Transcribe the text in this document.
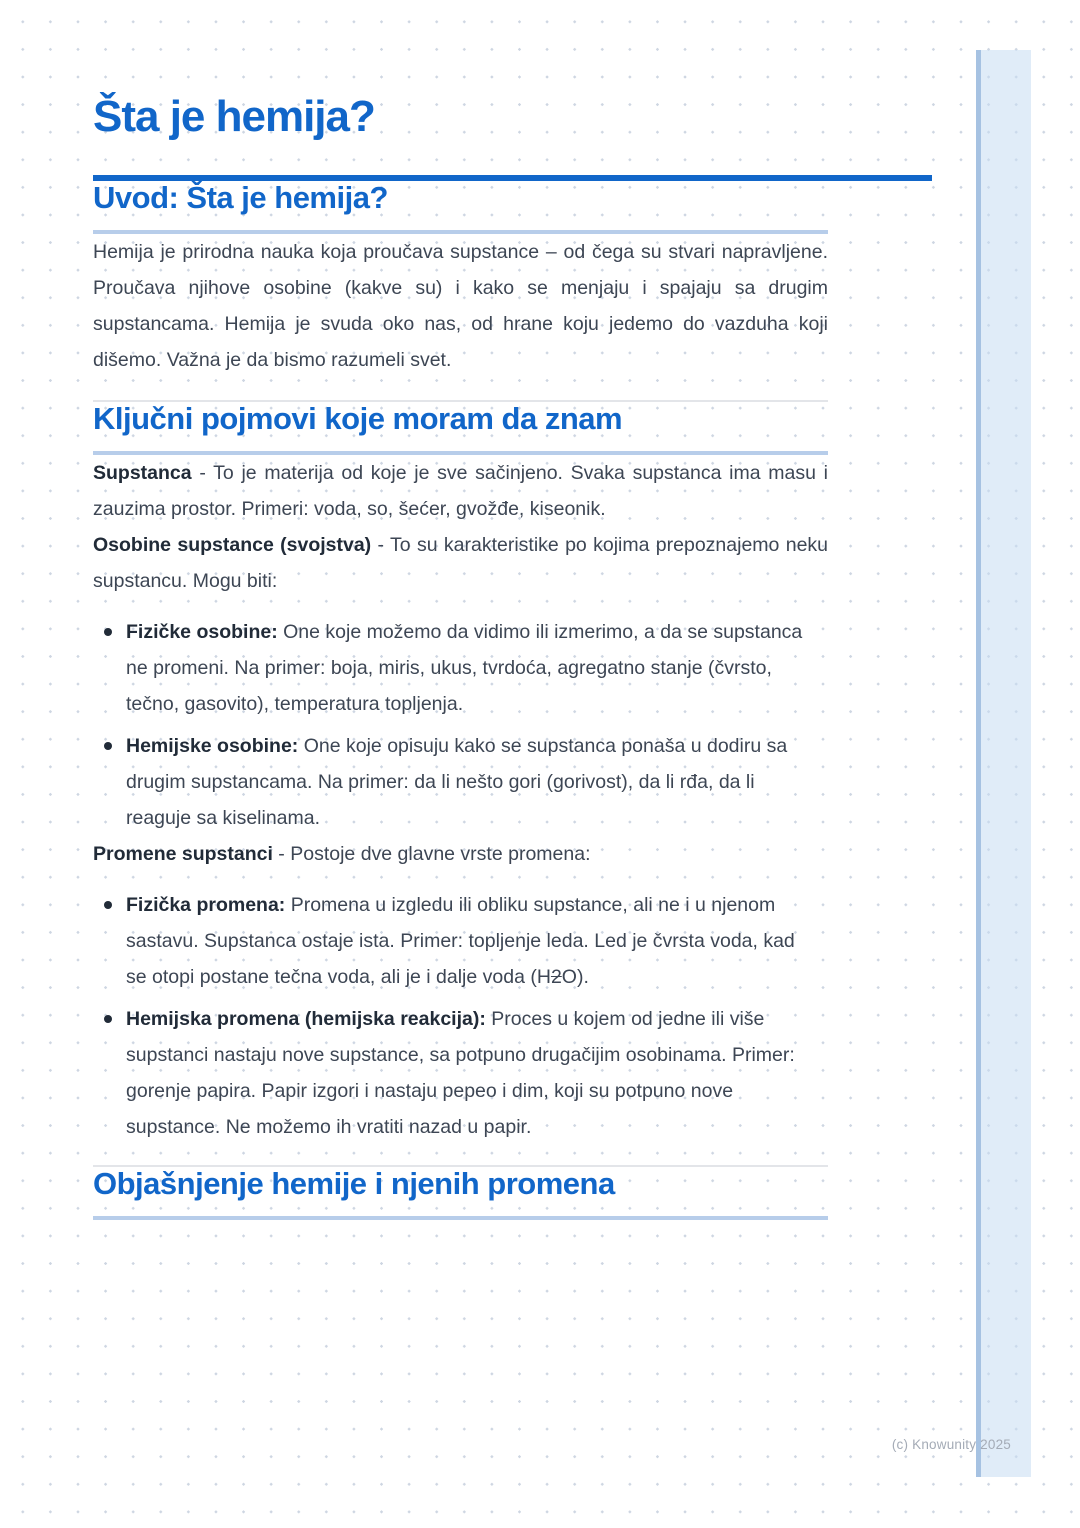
Šta je hemija?
Uvod: Šta je hemija?

Hemija je prirodna nauka koja proučava supstance – od čega su stvari napravljene. Proučava njihove osobine (kakve su) i kako se menjaju i spajaju sa drugim supstancama. Hemija je svuda oko nas, od hrane koju jedemo do vazduha koji dišemo. Važna je da bismo razumeli svet.

Ključni pojmovi koje moram da znam

Supstanca - To je materija od koje je sve sačinjeno. Svaka supstanca ima masu i zauzima prostor. Primeri: voda, so, šećer, gvožđe, kiseonik.

Osobine supstance (svojstva) - To su karakteristike po kojima prepoznajemo neku supstancu. Mogu biti:

Fizičke osobine: One koje možemo da vidimo ili izmerimo, a da se supstanca ne promeni. Na primer: boja, miris, ukus, tvrdoća, agregatno stanje (čvrsto, tečno, gasovito), temperatura topljenja.
Hemijske osobine: One koje opisuju kako se supstanca ponaša u dodiru sa drugim supstancama. Na primer: da li nešto gori (gorivost), da li rđa, da li reaguje sa kiselinama.

Promene supstanci - Postoje dve glavne vrste promena:

Fizička promena: Promena u izgledu ili obliku supstance, ali ne i u njenom sastavu. Supstanca ostaje ista. Primer: topljenje leda. Led je čvrsta voda, kad se otopi postane tečna voda, ali je i dalje voda (H2O).
Hemijska promena (hemijska reakcija): Proces u kojem od jedne ili više supstanci nastaju nove supstance, sa potpuno drugačijim osobinama. Primer: gorenje papira. Papir izgori i nastaju pepeo i dim, koji su potpuno nove supstance. Ne možemo ih vratiti nazad u papir.
Objašnjenje hemije i njenih promena
(c) Knowunity 2025
